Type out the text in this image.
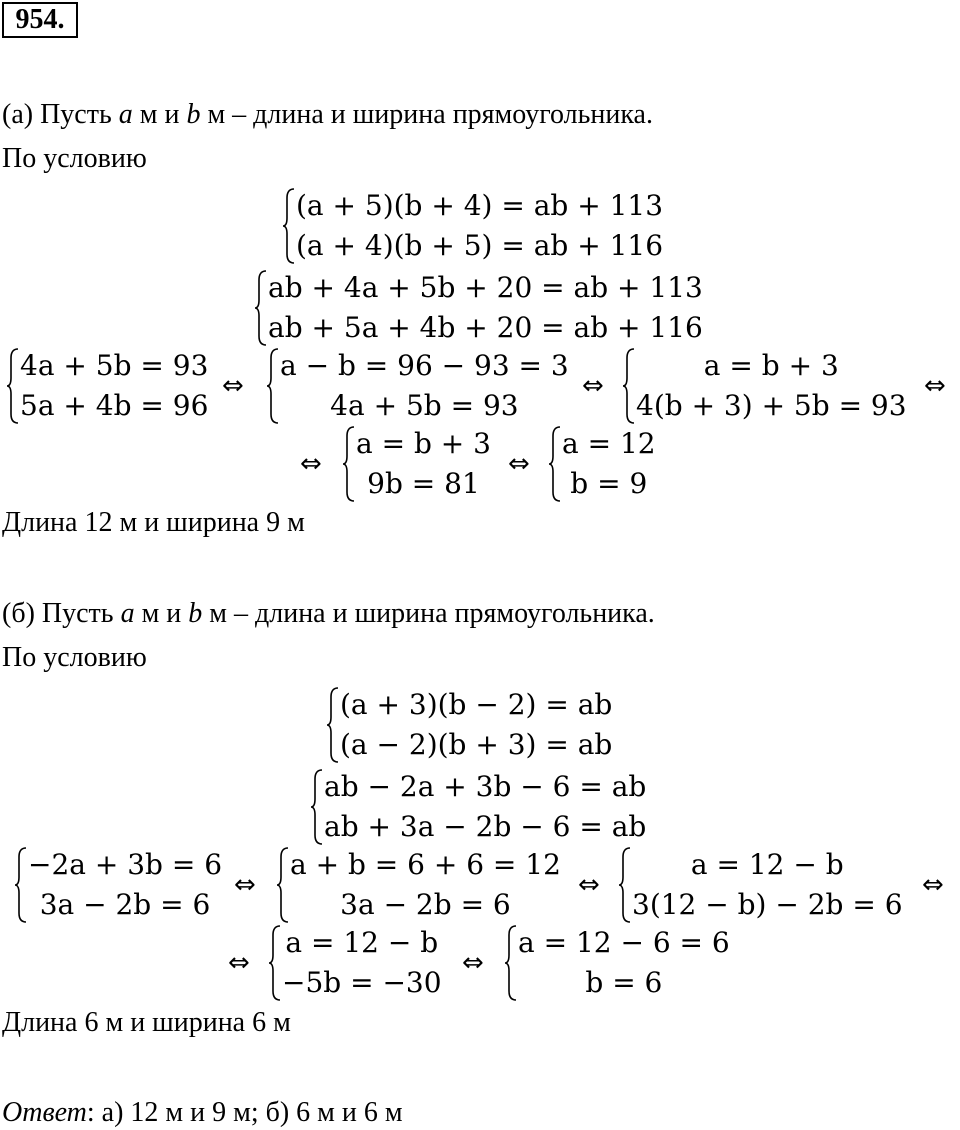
954.
(а) Пусть a м и b м – длина и ширина прямоугольника.
По условию
(a + 5)(b + 4) = ab + 113
(a + 4)(b + 5) = ab + 116
ab + 4a + 5b + 20 = ab + 113
ab + 5a + 4b + 20 = ab + 116
4a + 5b = 93
5a + 4b = 96
⇔
a − b = 96 − 93 = 3
4a + 5b = 93
⇔
a = b + 3
4(b + 3) + 5b = 93
⇔
⇔
a = b + 3
9b = 81
⇔
a = 12
b = 9
Длина 12 м и ширина 9 м
(б) Пусть a м и b м – длина и ширина прямоугольника.
По условию
(a + 3)(b − 2) = ab
(a − 2)(b + 3) = ab
ab − 2a + 3b − 6 = ab
ab + 3a − 2b − 6 = ab
−2a + 3b = 6
3a − 2b = 6
⇔
a + b = 6 + 6 = 12
3a − 2b = 6
⇔
a = 12 − b
3(12 − b) − 2b = 6
⇔
⇔
a = 12 − b
−5b = −30
⇔
a = 12 − 6 = 6
b = 6
Длина 6 м и ширина 6 м
Ответ: а) 12 м и 9 м; б) 6 м и 6 м
